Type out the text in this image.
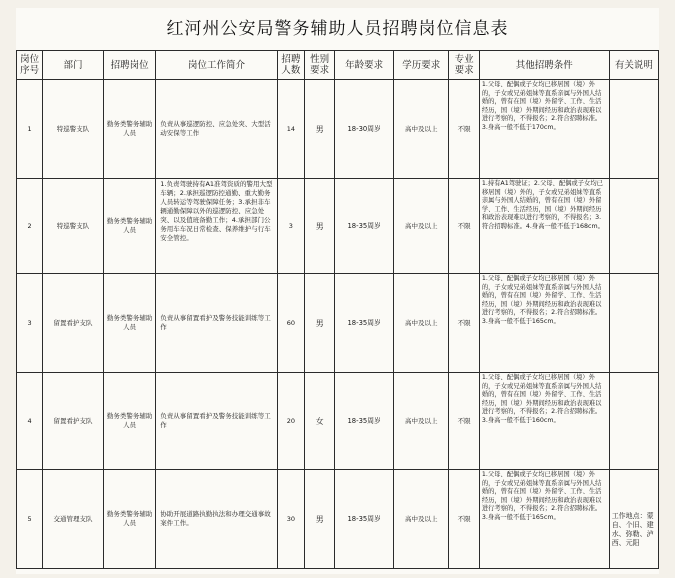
红河州公安局警务辅助人员招聘岗位信息表
岗位序号	部门	招聘岗位	岗位工作简介	招聘人数	性别要求	年龄要求	学历要求	专业要求	其他招聘条件	有关说明
1	特巡警支队	勤务类警务辅助人员	负责从事巡逻防控、应急处突、大型活动安保等工作	14	男	18-30周岁	高中及以上	不限	1.父母、配偶或子女均已移居国（境）外的，子女或兄弟姐妹等直系亲属与外国人结婚的，曾有在国（境）外留学、工作、生活经历，国（境）外期间经历和政治表现难以进行考察的，不得报名；2.符合招聘标准。3.身高一般不低于170cm。	
2	特巡警支队	勤务类警务辅助人员	1.负责驾驶持有A1准驾资质的警用大型车辆；2.承担巡逻防控通勤、重大勤务人员转运等驾驶保障任务；3.承担非车辆通勤保障以外的巡逻防控、应急处突、以及值班备勤工作；4.承担部门公务用车车况日常检查、保养维护与行车安全管控。	3	男	18-35周岁	高中及以上	不限	1.持有A1驾驶证；2.父母、配偶或子女均已移居国（境）外的，子女或兄弟姐妹等直系亲属与外国人结婚的，曾有在国（境）外留学、工作、生活经历，国（境）外期间经历和政治表现难以进行考察的，不得报名；3.符合招聘标准。4.身高一般不低于168cm。	
3	留置看护支队	勤务类警务辅助人员	负责从事留置看护及警务技能训练等工作	60	男	18-35周岁	高中及以上	不限	1.父母、配偶或子女均已移居国（境）外的，子女或兄弟姐妹等直系亲属与外国人结婚的，曾有在国（境）外留学、工作、生活经历，国（境）外期间经历和政治表现难以进行考察的，不得报名；2.符合招聘标准。3.身高一般不低于165cm。	
4	留置看护支队	勤务类警务辅助人员	负责从事留置看护及警务技能训练等工作	20	女	18-35周岁	高中及以上	不限	1.父母、配偶或子女均已移居国（境）外的，子女或兄弟姐妹等直系亲属与外国人结婚的，曾有在国（境）外留学、工作、生活经历，国（境）外期间经历和政治表现难以进行考察的，不得报名；2.符合招聘标准。3.身高一般不低于160cm。	
5	交通管理支队	勤务类警务辅助人员	协助开展道路执勤执法和办理交通事故案件工作。	30	男	18-35周岁	高中及以上	不限	1.父母、配偶或子女均已移居国（境）外的，子女或兄弟姐妹等直系亲属与外国人结婚的，曾有在国（境）外留学、工作、生活经历，国（境）外期间经历和政治表现难以进行考察的，不得报名；2.符合招聘标准。3.身高一般不低于165cm。	工作地点：蒙自、个旧、建水、弥勒、泸西、元阳
